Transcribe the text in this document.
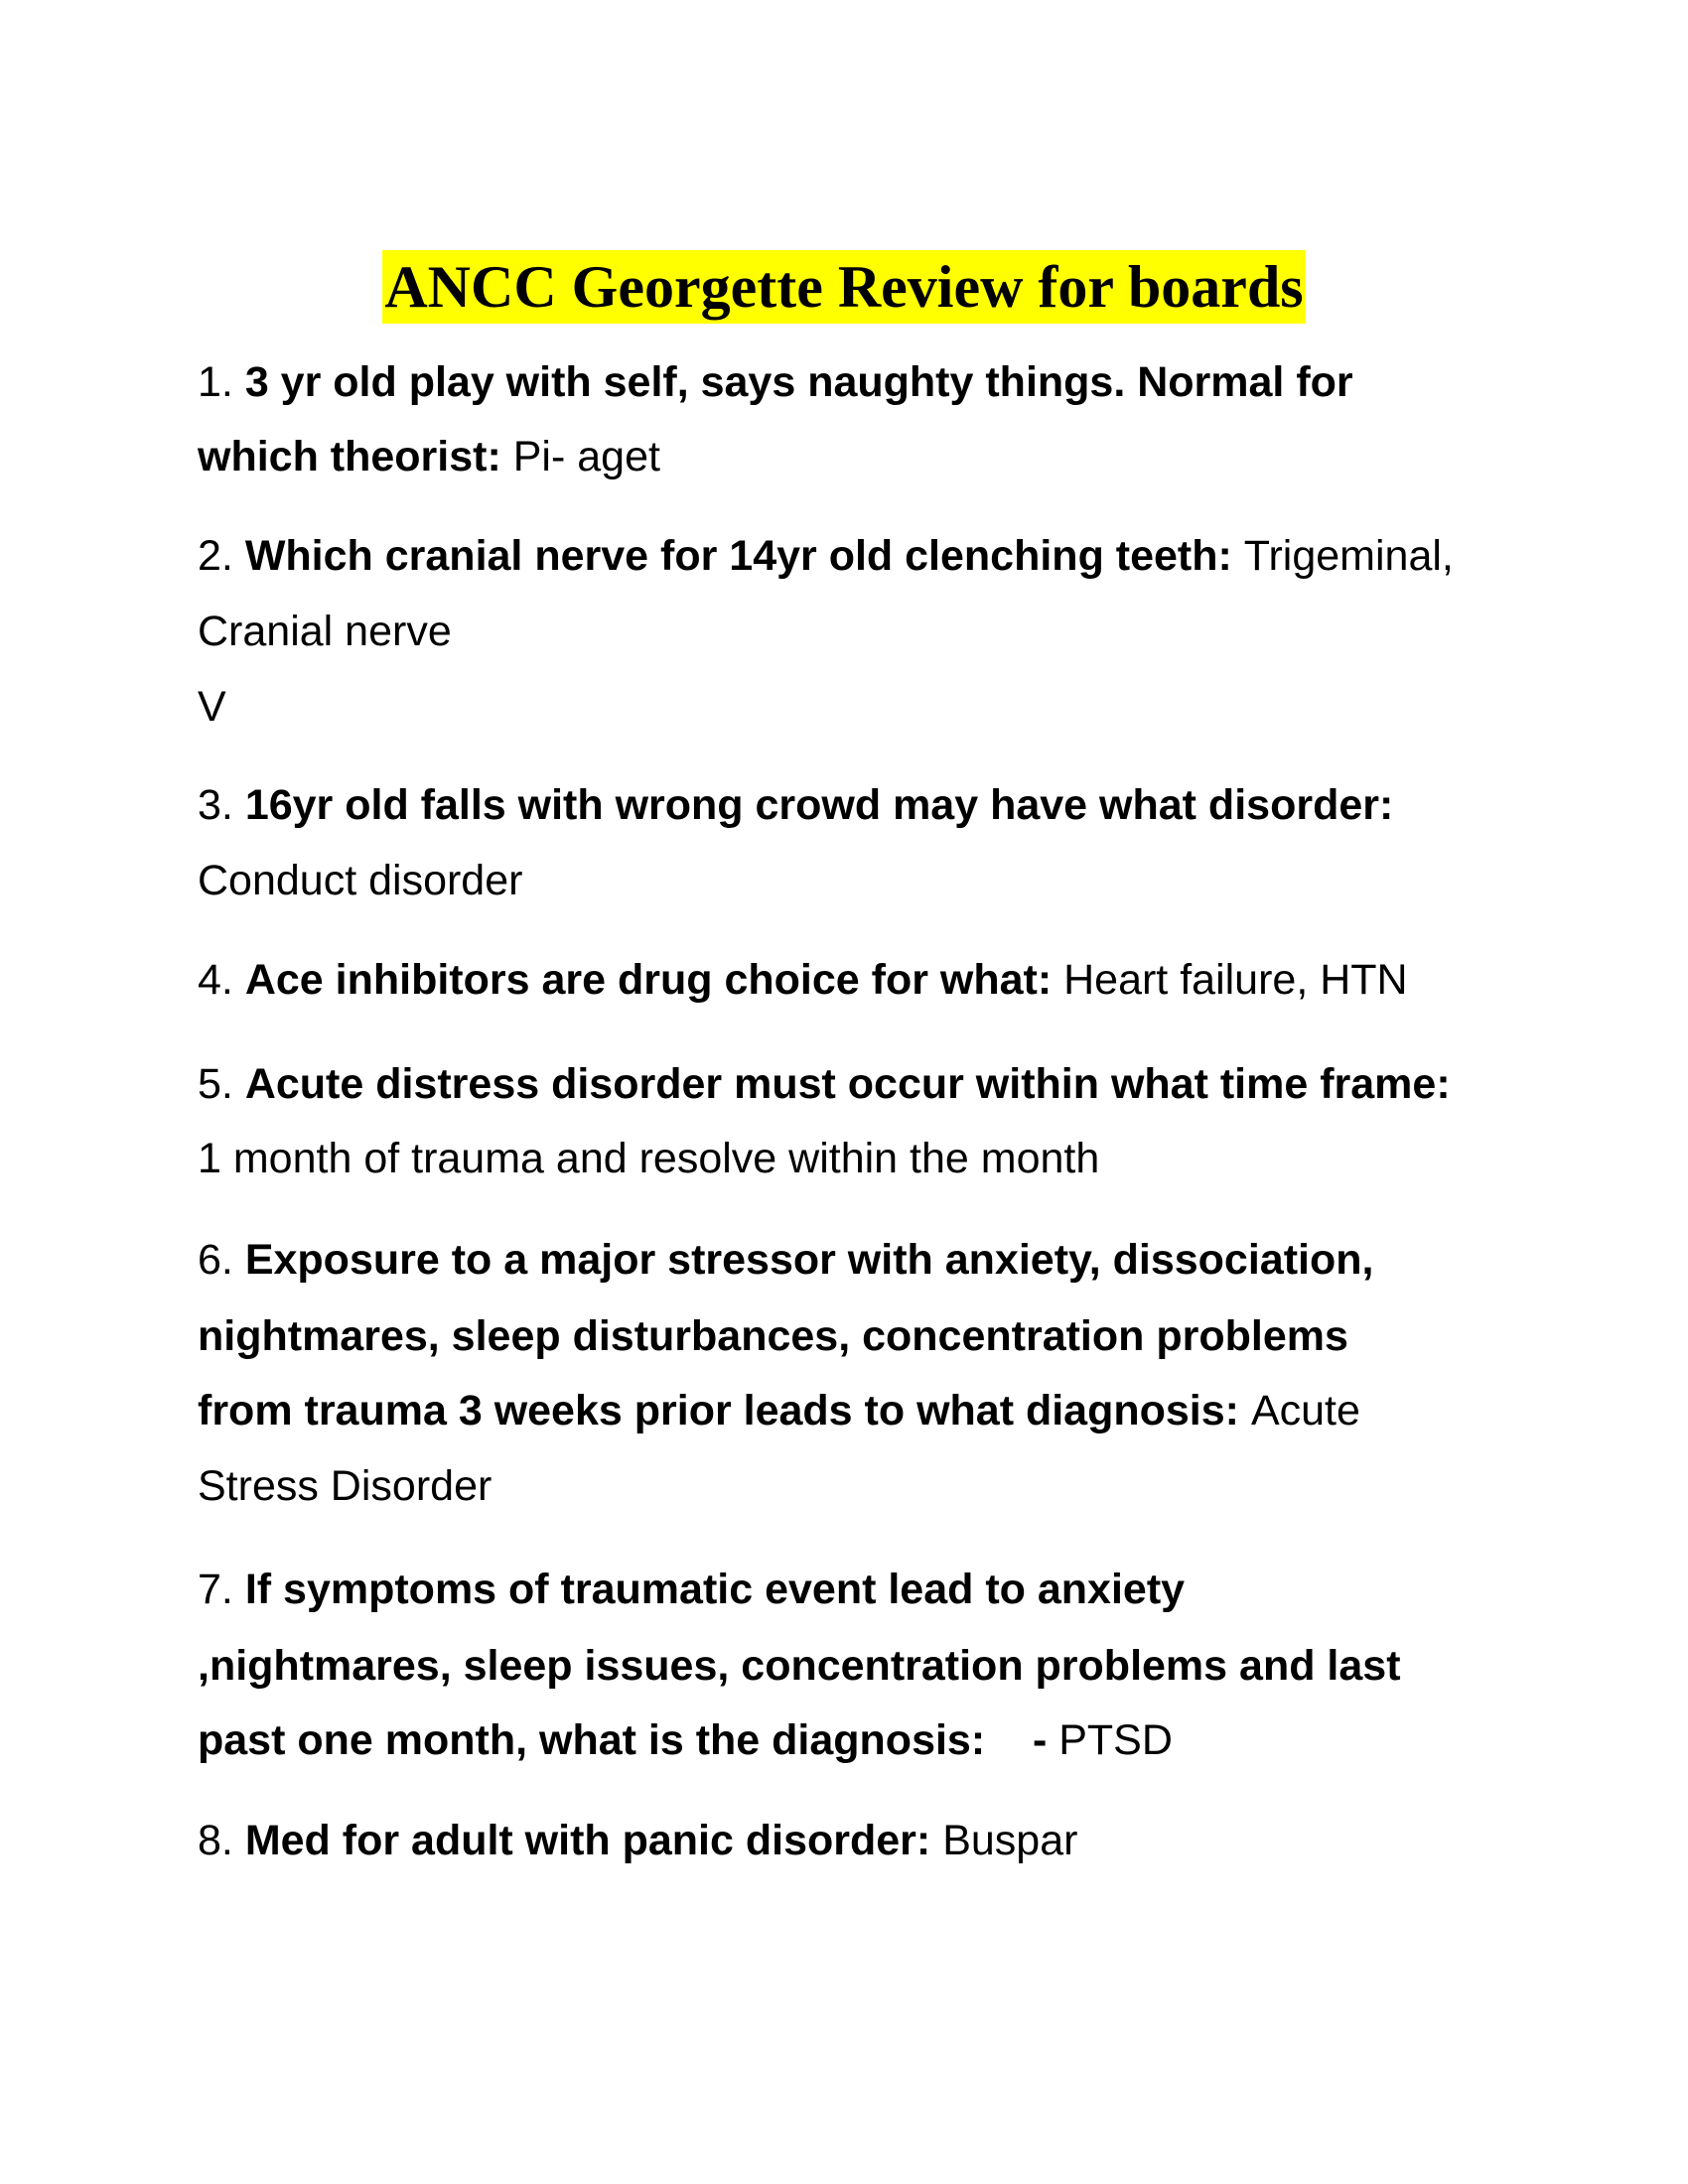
ANCC Georgette Review for boards
1. 3 yr old play with self, says naughty things. Normal for
which theorist: Pi- aget
2. Which cranial nerve for 14yr old clenching teeth: Trigeminal,
Cranial nerve
V
3. 16yr old falls with wrong crowd may have what disorder:
Conduct disorder
4. Ace inhibitors are drug choice for what: Heart failure, HTN
5. Acute distress disorder must occur within what time frame:
1 month of trauma and resolve within the month
6. Exposure to a major stressor with anxiety, dissociation,
nightmares, sleep disturbances, concentration problems
from trauma 3 weeks prior leads to what diagnosis: Acute
Stress Disorder
7. If symptoms of traumatic event lead to anxiety
,nightmares, sleep issues, concentration problems and last
past one month, what is the diagnosis:    - PTSD
8. Med for adult with panic disorder: Buspar
